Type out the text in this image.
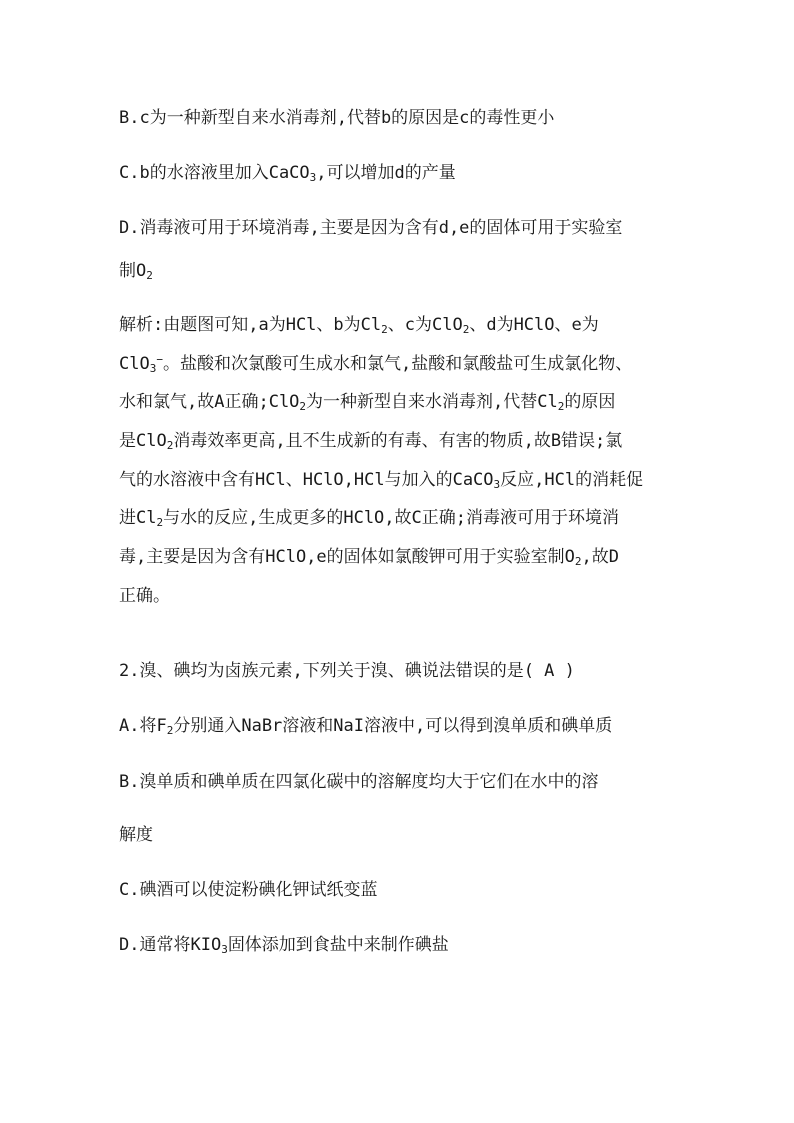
B.c为一种新型自来水消毒剂,代替b的原因是c的毒性更小
C.b的水溶液里加入CaCO$_3$,可以增加d的产量
D.消毒液可用于环境消毒,主要是因为含有d,e的固体可用于实验室
制$O_2$
解析:由题图可知,a为HCl、b为$Cl_2$、c为ClO$_2$、d为HClO、e为
ClO$_3$−。盐酸和次氯酸可生成水和氯气,盐酸和氯酸盐可生成氯化物、
水和氯气,故A正确;ClO$_2$为一种新型自来水消毒剂,代替$Cl_2$的原因
是ClO$_2$消毒效率更高,且不生成新的有毒、有害的物质,故B错误;氯
气的水溶液中含有HCl、HClO,HCl与加入的CaCO$_3$反应,HCl的消耗促
进$Cl_2$与水的反应,生成更多的HClO,故C正确;消毒液可用于环境消
毒,主要是因为含有HClO,e的固体如氯酸钾可用于实验室制$O_2$,故D
正确。
2.溴、碘均为卤族元素,下列关于溴、碘说法错误的是( A )
A.将$F_2$分别通入NaBr溶液和NaI溶液中,可以得到溴单质和碘单质
B.溴单质和碘单质在四氯化碳中的溶解度均大于它们在水中的溶
解度
C.碘酒可以使淀粉碘化钾试纸变蓝
D.通常将$KIO_3$固体添加到食盐中来制作碘盐
